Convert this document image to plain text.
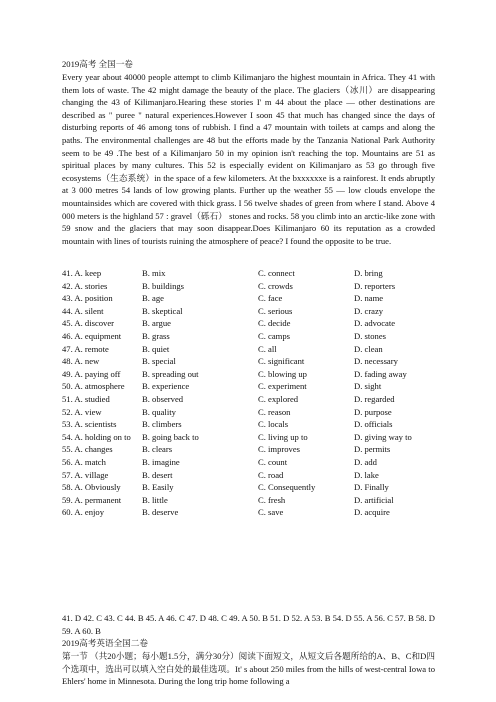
2019高考 全国一卷
Every year about 40000 people attempt to climb Kilimanjaro the highest mountain in Africa. They 41 with them lots of waste. The 42 might damage the beauty of the place. The glaciers（冰川）are disappearing changing the 43 of Kilimanjaro.Hearing these stories I' m 44 about the place — other destinations are described as " puree " natural experiences.However I soon 45 that much has changed since the days of disturbing reports of 46 among tons of rubbish. I find a 47 mountain with toilets at camps and along the paths. The environmental challenges are 48 but the efforts made by the Tanzania National Park Authority seem to be 49 .The best of a Kilimanjaro 50 in my opinion isn't reaching the top. Mountains are 51 as spiritual places by many cultures. This 52 is especially evident on Kilimanjaro as 53 go through five ecosystems（生态系统）in the space of a few kilometers. At the bxxxxxxe is a rainforest. It ends abruptly at 3 000 metres 54 lands of low growing plants. Further up the weather 55 — low clouds envelope the mountainsides which are covered with thick grass. I 56 twelve shades of green from where I stand. Above 4 000 meters is the highland 57 : gravel（砾石） stones and rocks. 58 you climb into an arctic-like zone with 59 snow and the glaciers that may soon disappear.Does Kilimanjaro 60 its reputation as a crowded mountain with lines of tourists ruining the atmosphere of peace? I found the opposite to be true.
41. A. keep	B. mix	C. connect	D. bring
42. A. stories	B. buildings	C. crowds	D. reporters
43. A. position	B. age	C. face	D. name
44. A. silent	B. skeptical	C. serious	D. crazy
45. A. discover	B. argue	C. decide	D. advocate
46. A. equipment	B. grass	C. camps	D. stones
47. A. remote	B. quiet	C. all	D. clean
48. A. new	B. special	C. significant	D. necessary
49. A. paying off	B. spreading out	C. blowing up	D. fading away
50. A. atmosphere	B. experience	C. experiment	D. sight
51. A. studied	B. observed	C. explored	D. regarded
52. A. view	B. quality	C. reason	D. purpose
53. A. scientists	B. climbers	C. locals	D. officials
54. A. holding on to	B. going back to	C. living up to	D. giving way to
55. A. changes	B. clears	C. improves	D. permits
56. A. match	B. imagine	C. count	D. add
57. A. village	B. desert	C. road	D. lake
58. A. Obviously	B. Easily	C. Consequently	D. Finally
59. A. permanent	B. little	C. fresh	D. artificial
60. A. enjoy	B. deserve	C. save	D. acquire
41. D 42. C 43. C 44. B 45. A 46. C 47. D 48. C 49. A 50. B 51. D 52. A 53. B 54. D 55. A 56. C 57. B 58. D 59. A 60. B
2019高考英语全国二卷
第一节 （共20小题；每小题1.5分，满分30分）阅读下面短文，从短文后各题所给的A、B、C和D四个选项中，选出可以填入空白处的最佳选项。It' s about 250 miles from the hills of west-central Iowa to Ehlers' home in Minnesota. During the long trip home following a
